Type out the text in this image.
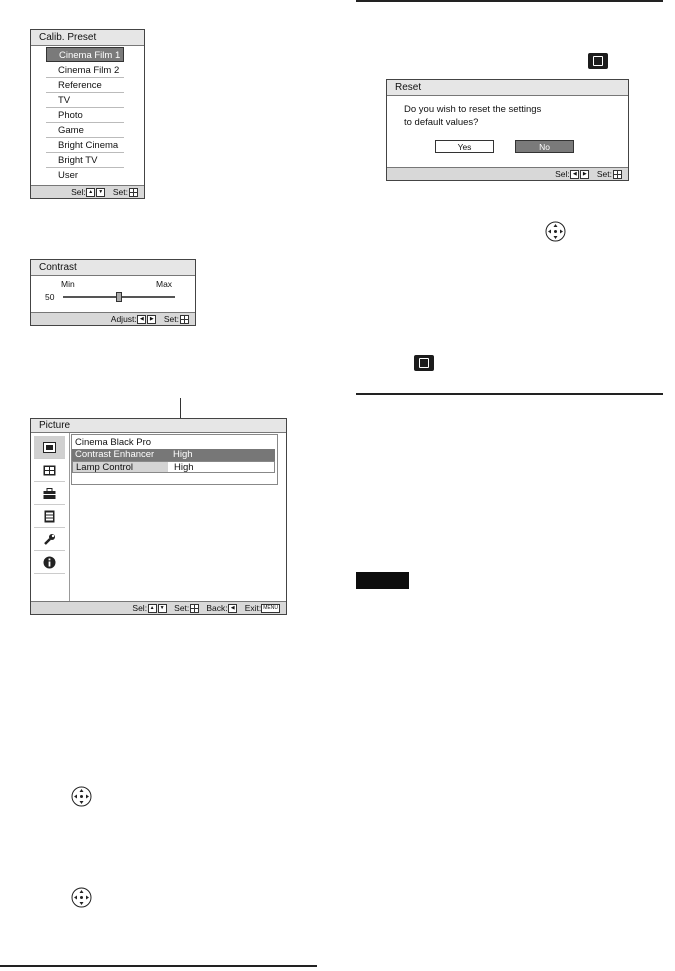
Calib. Preset
Cinema Film 1
Cinema Film 2
Reference
TV
Photo
Game
Bright Cinema
Bright TV
User
Sel: ▲ ▼ Set:
Contrast
Min	Max
50
Adjust: ◀ ▶ Set:
Picture
Cinema Black Pro
Contrast Enhancer High
Lamp Control	High
Sel: ▲ ▼ Set: Back: ◀ Exit: MENU
Reset
Do you wish to reset the settings
to default values?
Yes	No
Sel: ◀ ▶ Set:
